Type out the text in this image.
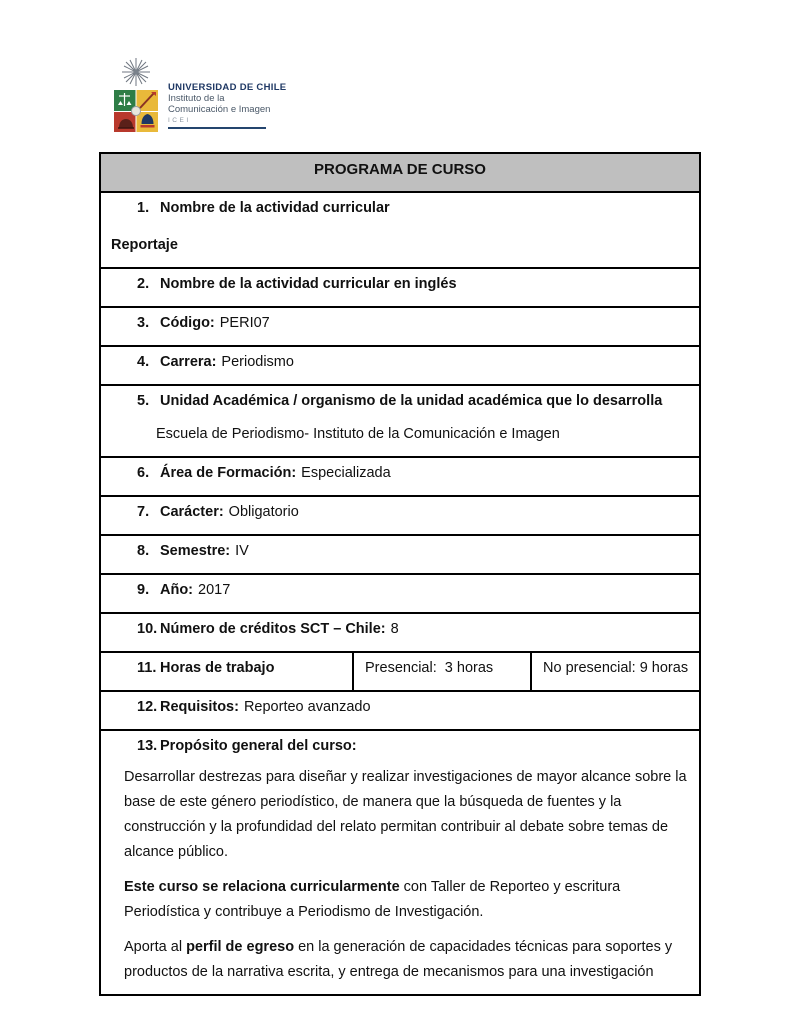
UNIVERSIDAD DE CHILE
Instituto de la
Comunicación e Imagen
ICEI
PROGRAMA DE CURSO

1. Nombre de la actividad curricular
Reportaje

2. Nombre de la actividad curricular en inglés

3. Código: PERI07

4. Carrera: Periodismo

5. Unidad Académica / organismo de la unidad académica que lo desarrolla
Escuela de Periodismo- Instituto de la Comunicación e Imagen

6. Área de Formación: Especializada

7. Carácter: Obligatorio

8. Semestre: IV

9. Año: 2017

10. Número de créditos SCT – Chile: 8

11. Horas de trabajo	Presencial:  3 horas	No presencial: 9 horas

12. Requisitos: Reporteo avanzado

13. Propósito general del curso:
Desarrollar destrezas para diseñar y realizar investigaciones de mayor alcance sobre la base de este género periodístico, de manera que la búsqueda de fuentes y la construcción y la profundidad del relato permitan contribuir al debate sobre temas de alcance público.
Este curso se relaciona curricularmente con Taller de Reporteo y escritura Periodística y contribuye a Periodismo de Investigación.
Aporta al perfil de egreso en la generación de capacidades técnicas para soportes y productos de la narrativa escrita, y entrega de mecanismos para una investigación
